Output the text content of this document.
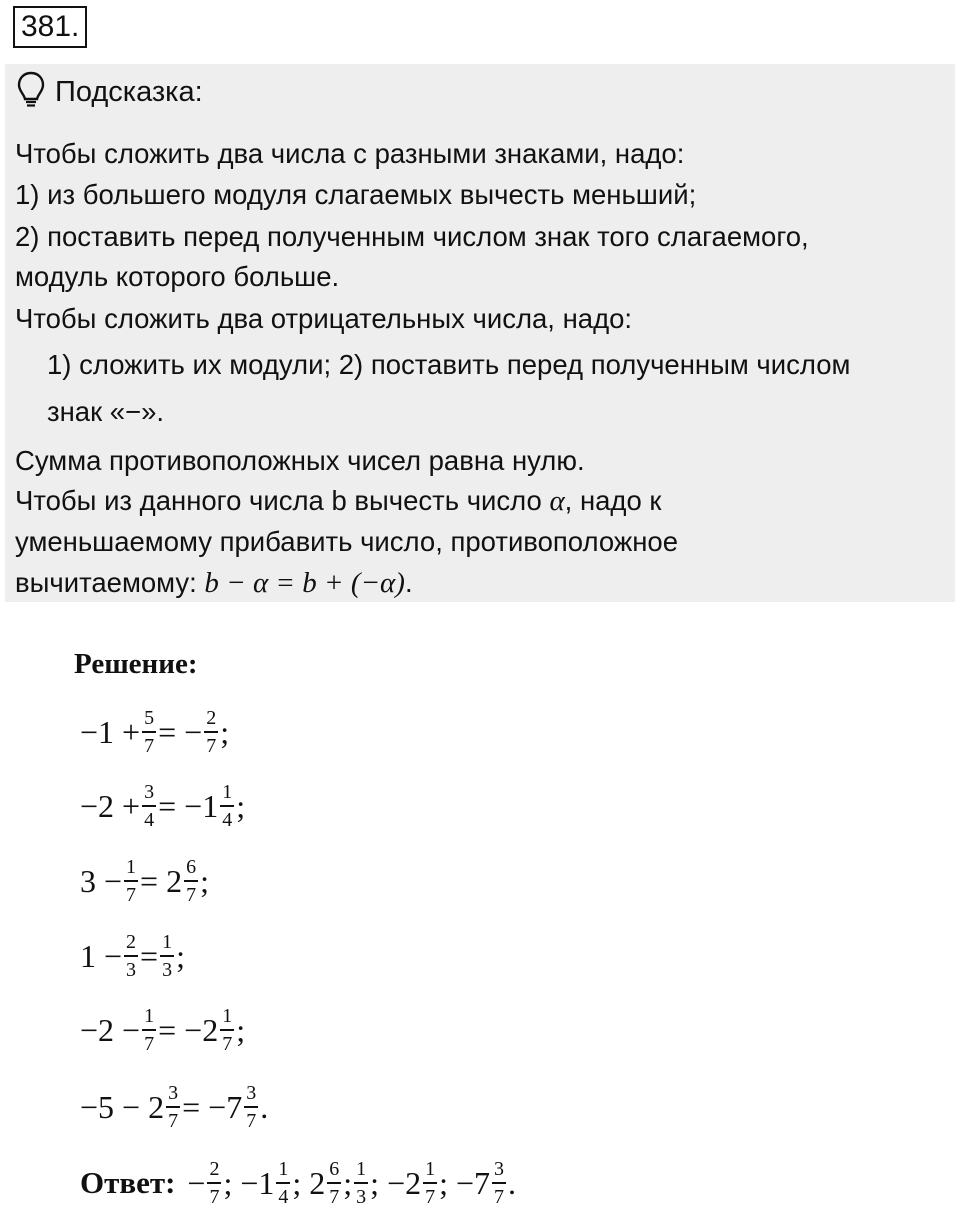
381.
Подсказка:
Чтобы сложить два числа с разными знаками, надо:
1) из большего модуля слагаемых вычесть меньший;
2) поставить перед полученным числом знак того слагаемого,
модуль которого больше.
Чтобы сложить два отрицательных числа, надо:
1) сложить их модули; 2) поставить перед полученным числом
знак «−».
Сумма противоположных чисел равна нулю.
Чтобы из данного числа b вычесть число α, надо к
уменьшаемому прибавить число, противоположное
вычитаемому: b − α = b + (−α).
Решение:
$-1 + \frac{5}{7}$ = − $\frac{2}{7}$ ;
$-2 + \frac{3}{4} = -1 \frac{1}{4}$ ;
$3 - \frac{1}{7} = 2 \frac{6}{7}$ ;
$1 - \frac{2}{3} = \frac{1}{3}$ ;
$-2 - \frac{1}{7} = -2 \frac{1}{7}$ ;
$-5 - 2 \frac{3}{7} = -7 \frac{3}{7}$ .
Ответ: − $\frac{2}{7}$ ; $-1 \frac{1}{4}$ ; $2 \frac{6}{7}$ ; $\frac{1}{3}$ ; $-2 \frac{1}{7}$ ; $-7 \frac{3}{7}$ .
